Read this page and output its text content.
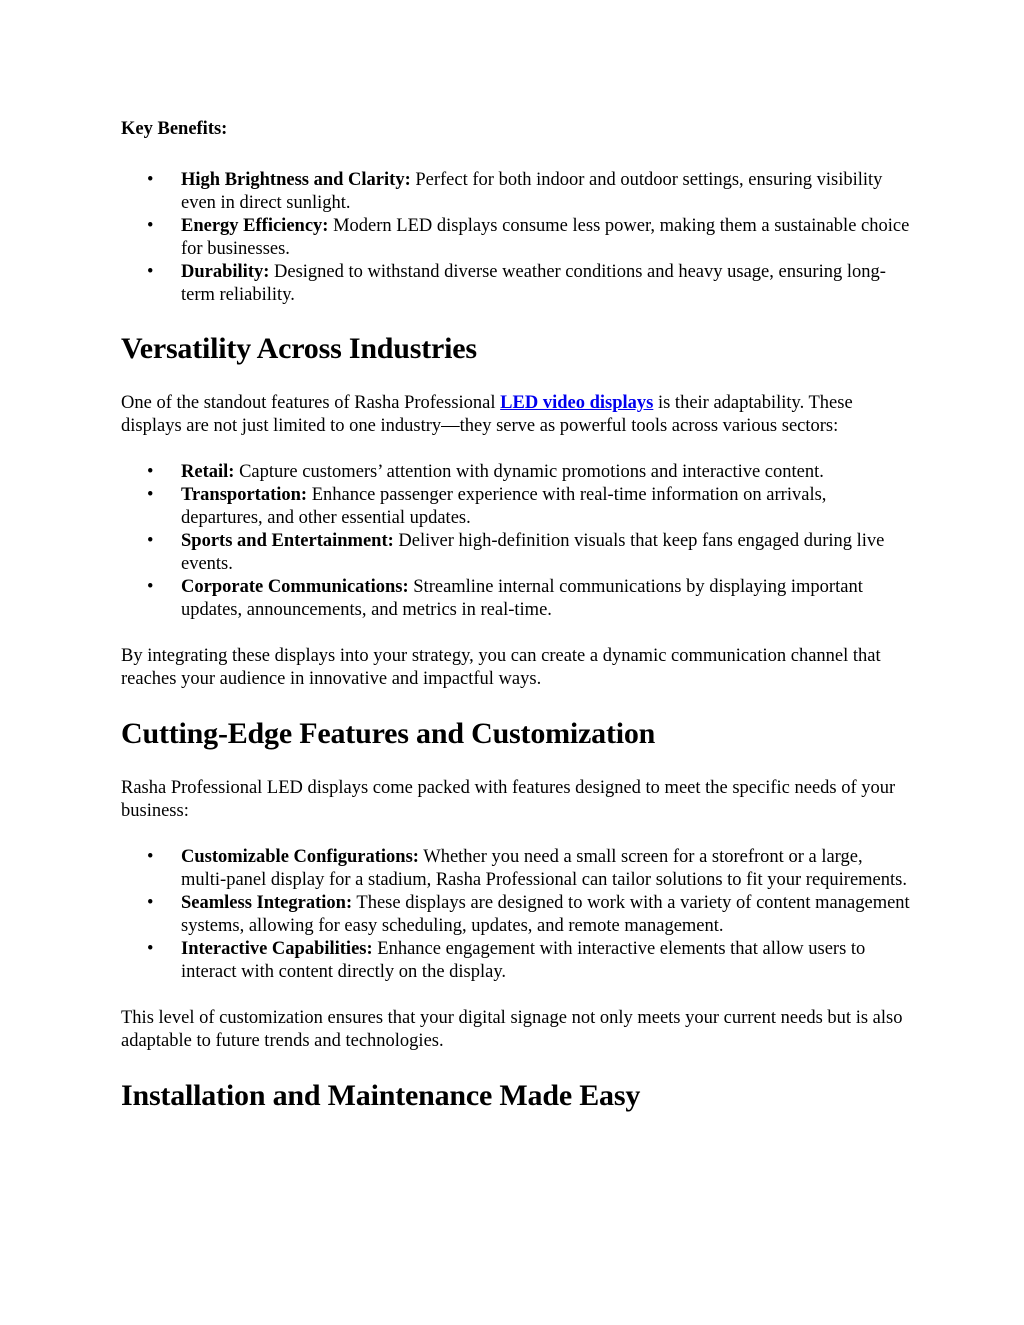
Key Benefits:

• High Brightness and Clarity: Perfect for both indoor and outdoor settings, ensuring visibility even in direct sunlight.
• Energy Efficiency: Modern LED displays consume less power, making them a sustainable choice for businesses.
• Durability: Designed to withstand diverse weather conditions and heavy usage, ensuring long-term reliability.
Versatility Across Industries

One of the standout features of Rasha Professional LED video displays is their adaptability. These displays are not just limited to one industry—they serve as powerful tools across various sectors:

• Retail: Capture customers’ attention with dynamic promotions and interactive content.
• Transportation: Enhance passenger experience with real-time information on arrivals, departures, and other essential updates.
• Sports and Entertainment: Deliver high-definition visuals that keep fans engaged during live events.
• Corporate Communications: Streamline internal communications by displaying important updates, announcements, and metrics in real-time.

By integrating these displays into your strategy, you can create a dynamic communication channel that reaches your audience in innovative and impactful ways.

Cutting-Edge Features and Customization

Rasha Professional LED displays come packed with features designed to meet the specific needs of your business:

• Customizable Configurations: Whether you need a small screen for a storefront or a large, multi-panel display for a stadium, Rasha Professional can tailor solutions to fit your requirements.
• Seamless Integration: These displays are designed to work with a variety of content management systems, allowing for easy scheduling, updates, and remote management.
• Interactive Capabilities: Enhance engagement with interactive elements that allow users to interact with content directly on the display.

This level of customization ensures that your digital signage not only meets your current needs but is also adaptable to future trends and technologies.

Installation and Maintenance Made Easy
